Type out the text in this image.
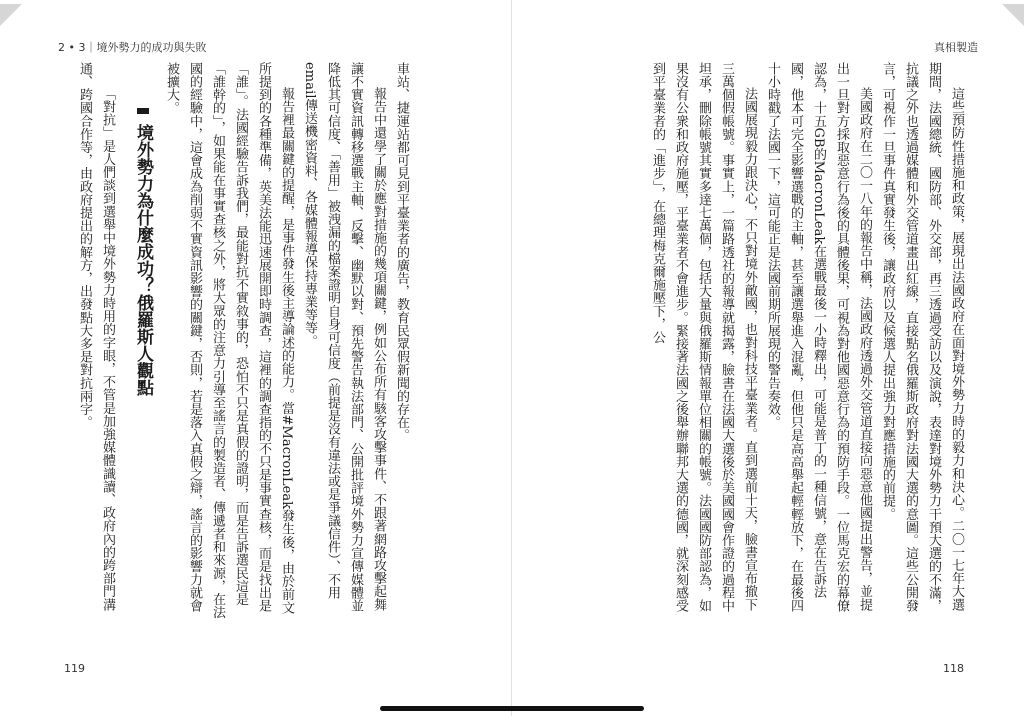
2 • 3｜境外勢力的成功與失敗
境外勢力為什麼成功？俄羅斯人觀點	車站、捷運站都可見到平臺業者的廣告，教育民眾假新聞的存在。

報告中還學了關於應對措施的幾項關鍵，例如公布所有駭客攻擊事件、不跟著網路攻擊起舞讓不實資訊轉移選戰主軸、反擊、幽默以對、預先警告執法部門、公開批評境外勢力宣傳媒體並降低其可信度、「善用」被洩漏的檔案證明自身可信度（前提是沒有違法或是爭議信件）、不用email傳送機密資料、各媒體報導保持專業等等。

報告裡最關鍵的提醒，是事件發生後主導論述的能力。當#MacronLeak發生後，由於前文所提到的各種準備，英美法能迅速展開即時調查，這裡的調查指的不只是事實查核，而是找出是「誰」。法國經驗告訴我們，最能對抗不實敘事的，恐怕不只是真假的證明，而是告訴選民這是「誰幹的」，如果能在事實查核之外，將大眾的注意力引導至謠言的製造者、傳遞者和來源，在法國的經驗中，這會成為削弱不實資訊影響的關鍵，否則，若是落入真假之辯，謠言的影響力就會被擴大。

「對抗」是人們談到選舉中境外勢力時用的字眼，不管是加強媒體識讀、政府內的跨部門溝通、跨國合作等，由政府提出的解方，出發點大多是對抗兩字。

119
真相製造

這些預防性措施和政策，展現出法國政府在面對境外勢力時的毅力和決心。二〇一七年大選期間，法國總統、國防部、外交部，再三透過受訪以及演說，表達對境外勢力干預大選的不滿，抗議之外也透過媒體和外交管道畫出紅線，直接點名俄羅斯政府對法國大選的意圖。這些公開發言，可視作一旦事件真實發生後，讓政府以及候選人提出強力對應措施的前提。

美國政府在二〇一八年的報告中稱，法國政府透過外交管道直接向惡意他國提出警告，並提出一旦對方採取惡意行為後的具體後果，可視為對他國惡意行為的預防手段。一位馬克宏的幕僚認為，十五GB的MacronLeak在選戰最後一小時釋出，可能是普丁的一種信號，意在告訴法國，他本可完全影響選戰的主軸，甚至讓選舉進入混亂，但他只是高高舉起輕輕放下，在最後四十小時戳了法國一下，這可能正是法國前期所展現的警告奏效。

法國展現毅力跟決心，不只對境外敵國，也對科技平臺業者。直到選前十天，臉書宣布撤下三萬個假帳號。事實上，一篇路透社的報導就揭露，臉書在法國大選後於美國國會作證的過程中坦承，刪除帳號其實多達七萬個，包括大量與俄羅斯情報單位相關的帳號。法國國防部認為，如果沒有公衆和政府施壓，平臺業者不會進步。緊接著法國之後舉辦聯邦大選的德國，就深刻感受到平臺業者的「進步」，在總理梅克爾施壓下，公

118
